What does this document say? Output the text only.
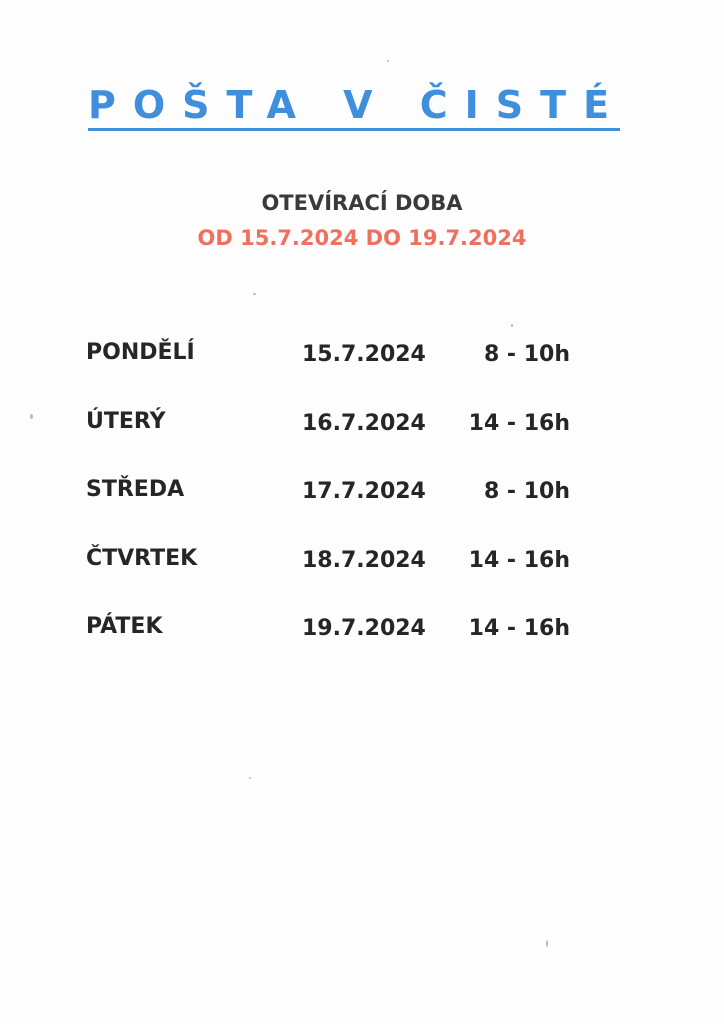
POŠTA V ČISTÉ
OTEVÍRACÍ DOBA
OD 15.7.2024 DO 19.7.2024
PONDĚLÍ	15.7.2024	8 - 10h
ÚTERÝ	16.7.2024 14 - 16h
STŘEDA	17.7.2024	8 - 10h
ČTVRTEK	18.7.2024 14 - 16h
PÁTEK	19.7.2024 14 - 16h
